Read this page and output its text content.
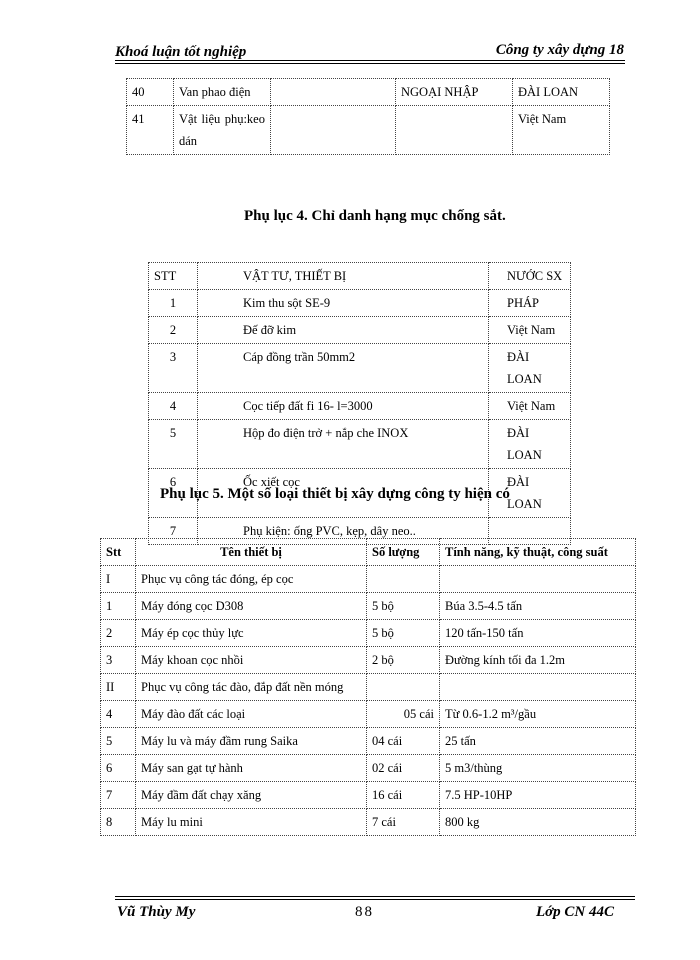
Khoá luận tốt nghiệp	Công ty xây dựng 18
40	Van phao điện		NGOẠI NHẬP	ĐÀI LOAN
41	Vật liệu phụ:keo dán			Việt Nam
Phụ lục 4. Chỉ danh hạng mục chống sắt.
STT	VẬT TƯ, THIẾT BỊ	NƯỚC SX
1	Kim thu sột SE-9	PHÁP
2	Đế đỡ kim	Việt Nam
3	Cáp đồng trần 50mm2	ĐÀI LOAN
4	Cọc tiếp đất fi 16- l=3000	Việt Nam
5	Hộp đo điện trở + nắp che INOX	ĐÀI LOAN
6	Ốc xiết cọc	ĐÀI LOAN
7	Phụ kiện: ống PVC, kẹp, dây neo..	
Phụ lục 5. Một số loại thiết bị xây dựng công ty hiện có
Stt	Tên thiết bị	Số lượng	Tính năng, kỹ thuật, công suất
I	Phục vụ công tác đóng, ép cọc		
1	Máy đóng cọc D308	5 bộ	Búa 3.5-4.5 tấn
2	Máy ép cọc thủy lực	5 bộ	120 tấn-150 tấn
3	Máy khoan cọc nhồi	2 bộ	Đường kính tối đa 1.2m
II	Phục vụ công tác đào, đắp đất nền móng		
4	Máy đào đất các loại	05 cái	Từ 0.6-1.2 m³/gầu
5	Máy lu và máy đầm rung Saika	04 cái	25 tấn
6	Máy san gạt tự hành	02 cái	5 m3/thùng
7	Máy đầm đất chạy xăng	16 cái	7.5 HP-10HP
8	Máy lu mini	7 cái	800 kg
Vũ Thùy My	88	Lớp CN 44C
